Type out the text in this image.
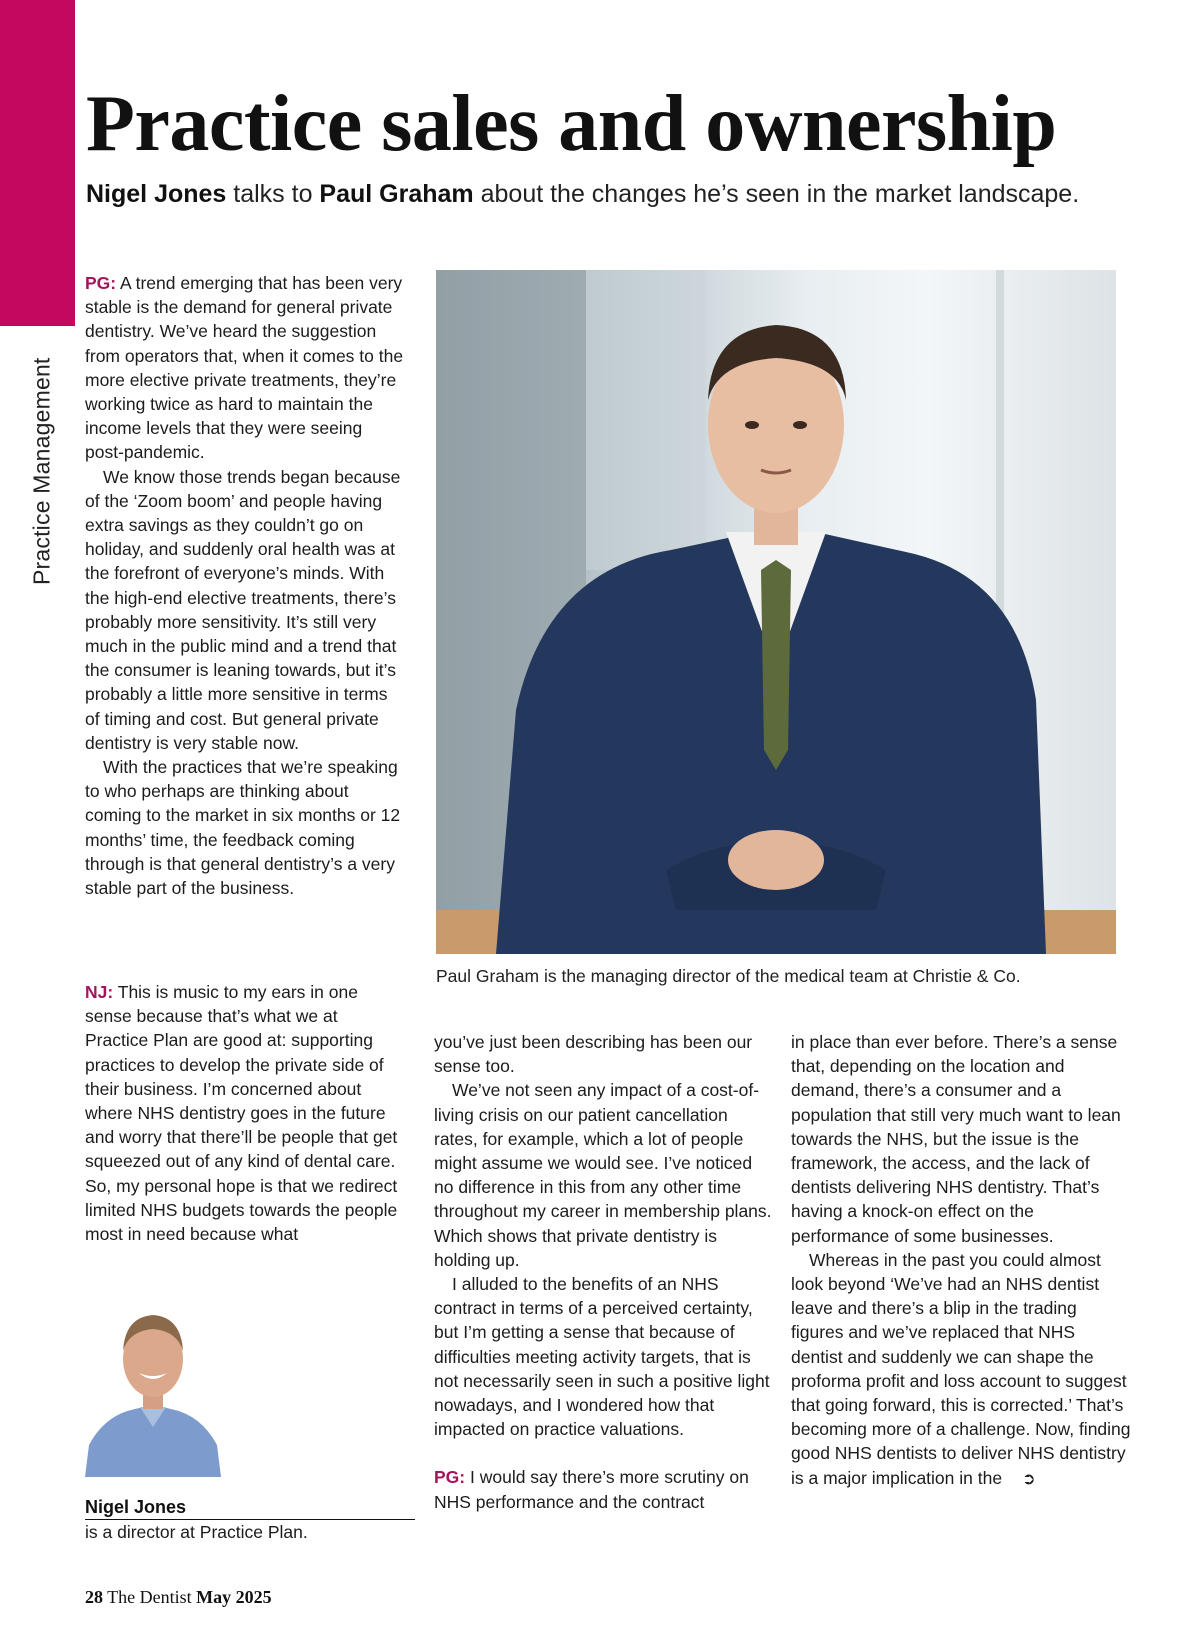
Practice Management
Practice sales and ownership

Nigel Jones talks to Paul Graham about the changes he’s seen in the market landscape.

PG: A trend emerging that has been very stable is the demand for general private dentistry. We’ve heard the suggestion from operators that, when it comes to the more elective private treatments, they’re working twice as hard to maintain the income levels that they were seeing post-pandemic.

We know those trends began because of the ‘Zoom boom’ and people having extra savings as they couldn’t go on holiday, and suddenly oral health was at the forefront of everyone’s minds. With the high-end elective treatments, there’s probably more sensitivity. It’s still very much in the public mind and a trend that the consumer is leaning towards, but it’s probably a little more sensitive in terms of timing and cost. But general private dentistry is very stable now.

With the practices that we’re speaking to who perhaps are thinking about coming to the market in six months or 12 months’ time, the feedback coming through is that general dentistry’s a very stable part of the business.

NJ: This is music to my ears in one sense because that’s what we at Practice Plan are good at: supporting practices to develop the private side of their business. I’m concerned about where NHS dentistry goes in the future and worry that there’ll be people that get squeezed out of any kind of dental care. So, my personal hope is that we redirect limited NHS budgets towards the people most in need because what

Paul Graham is the managing director of the medical team at Christie & Co.

you’ve just been describing has been our sense too.

We’ve not seen any impact of a cost-of-living crisis on our patient cancellation rates, for example, which a lot of people might assume we would see. I’ve noticed no difference in this from any other time throughout my career in membership plans. Which shows that private dentistry is holding up.

I alluded to the benefits of an NHS contract in terms of a perceived certainty, but I’m getting a sense that because of difficulties meeting activity targets, that is not necessarily seen in such a positive light nowadays, and I wondered how that impacted on practice valuations.

PG: I would say there’s more scrutiny on NHS performance and the contract

in place than ever before. There’s a sense that, depending on the location and demand, there’s a consumer and a population that still very much want to lean towards the NHS, but the issue is the framework, the access, and the lack of dentists delivering NHS dentistry. That’s having a knock-on effect on the performance of some businesses.

Whereas in the past you could almost look beyond ‘We’ve had an NHS dentist leave and there’s a blip in the trading figures and we’ve replaced that NHS dentist and suddenly we can shape the proforma profit and loss account to suggest that going forward, this is corrected.’ That’s becoming more of a challenge. Now, finding good NHS dentists to deliver NHS dentistry is a major implication in the ➲

Nigel Jones
is a director at Practice Plan.
28 The Dentist May 2025
